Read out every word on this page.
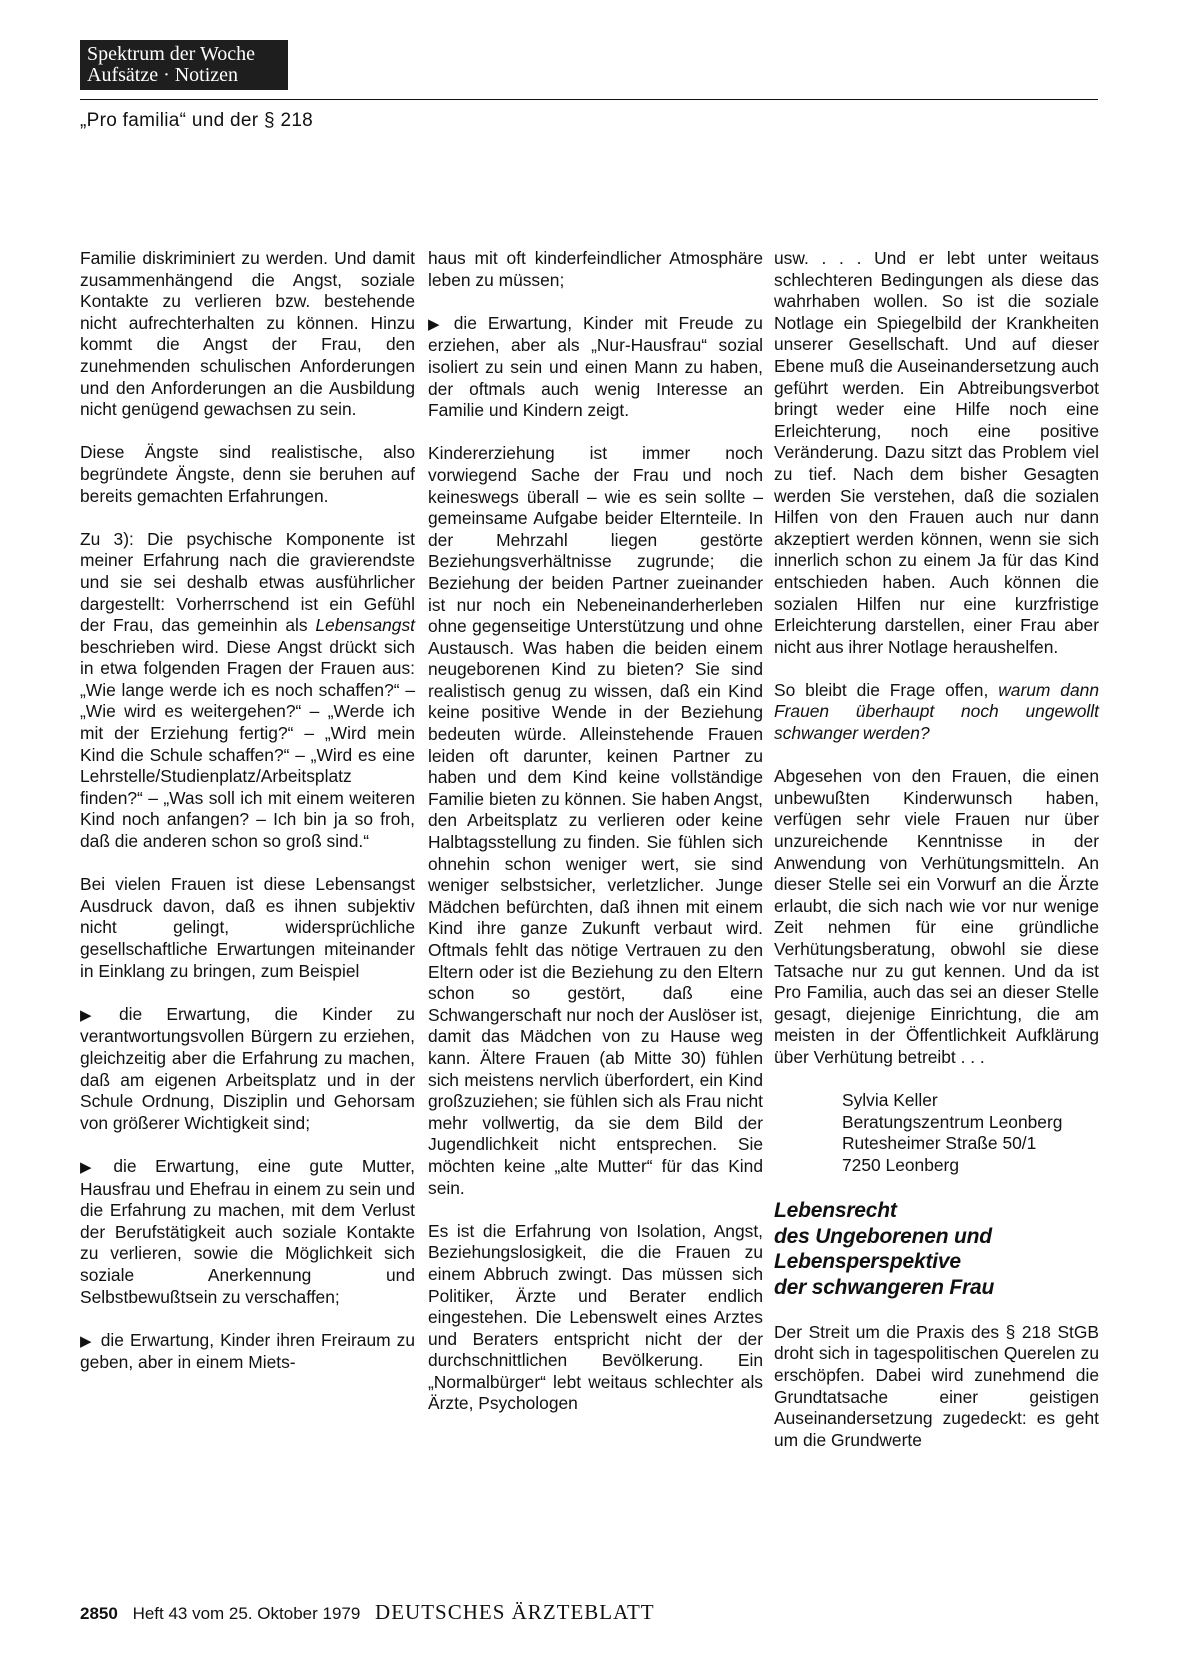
Spektrum der Woche
Aufsätze · Notizen
„Pro familia“ und der § 218

Familie diskriminiert zu werden. Und damit zusammenhängend die Angst, soziale Kontakte zu verlieren bzw. bestehende nicht aufrechterhalten zu können. Hinzu kommt die Angst der Frau, den zunehmenden schulischen Anforderungen und den Anforderungen an die Ausbildung nicht genügend gewachsen zu sein.

Diese Ängste sind realistische, also begründete Ängste, denn sie beruhen auf bereits gemachten Erfahrungen.

Zu 3): Die psychische Komponente ist meiner Erfahrung nach die gravierendste und sie sei deshalb etwas ausführlicher dargestellt: Vorherrschend ist ein Gefühl der Frau, das gemeinhin als Lebensangst beschrieben wird. Diese Angst drückt sich in etwa folgenden Fragen der Frauen aus: „Wie lange werde ich es noch schaffen?“ – „Wie wird es weitergehen?“ – „Werde ich mit der Erziehung fertig?“ – „Wird mein Kind die Schule schaffen?“ – „Wird es eine Lehrstelle/Studienplatz/Arbeitsplatz finden?“ – „Was soll ich mit einem weiteren Kind noch anfangen? – Ich bin ja so froh, daß die anderen schon so groß sind.“

Bei vielen Frauen ist diese Lebensangst Ausdruck davon, daß es ihnen subjektiv nicht gelingt, widersprüchliche gesellschaftliche Erwartungen miteinander in Einklang zu bringen, zum Beispiel

▶ die Erwartung, die Kinder zu verantwortungsvollen Bürgern zu erziehen, gleichzeitig aber die Erfahrung zu machen, daß am eigenen Arbeitsplatz und in der Schule Ordnung, Disziplin und Gehorsam von größerer Wichtigkeit sind;

▶ die Erwartung, eine gute Mutter, Hausfrau und Ehefrau in einem zu sein und die Erfahrung zu machen, mit dem Verlust der Berufstätigkeit auch soziale Kontakte zu verlieren, sowie die Möglichkeit sich soziale Anerkennung und Selbstbewußtsein zu verschaffen;

▶ die Erwartung, Kinder ihren Freiraum zu geben, aber in einem Miets-

haus mit oft kinderfeindlicher Atmosphäre leben zu müssen;

▶ die Erwartung, Kinder mit Freude zu erziehen, aber als „Nur-Hausfrau“ sozial isoliert zu sein und einen Mann zu haben, der oftmals auch wenig Interesse an Familie und Kindern zeigt.

Kindererziehung ist immer noch vorwiegend Sache der Frau und noch keineswegs überall – wie es sein sollte – gemeinsame Aufgabe beider Elternteile. In der Mehrzahl liegen gestörte Beziehungsverhältnisse zugrunde; die Beziehung der beiden Partner zueinander ist nur noch ein Nebeneinanderherleben ohne gegenseitige Unterstützung und ohne Austausch. Was haben die beiden einem neugeborenen Kind zu bieten? Sie sind realistisch genug zu wissen, daß ein Kind keine positive Wende in der Beziehung bedeuten würde. Alleinstehende Frauen leiden oft darunter, keinen Partner zu haben und dem Kind keine vollständige Familie bieten zu können. Sie haben Angst, den Arbeitsplatz zu verlieren oder keine Halbtagsstellung zu finden. Sie fühlen sich ohnehin schon weniger wert, sie sind weniger selbstsicher, verletzlicher. Junge Mädchen befürchten, daß ihnen mit einem Kind ihre ganze Zukunft verbaut wird. Oftmals fehlt das nötige Vertrauen zu den Eltern oder ist die Beziehung zu den Eltern schon so gestört, daß eine Schwangerschaft nur noch der Auslöser ist, damit das Mädchen von zu Hause weg kann. Ältere Frauen (ab Mitte 30) fühlen sich meistens nervlich überfordert, ein Kind großzuziehen; sie fühlen sich als Frau nicht mehr vollwertig, da sie dem Bild der Jugendlichkeit nicht entsprechen. Sie möchten keine „alte Mutter“ für das Kind sein.

Es ist die Erfahrung von Isolation, Angst, Beziehungslosigkeit, die die Frauen zu einem Abbruch zwingt. Das müssen sich Politiker, Ärzte und Berater endlich eingestehen. Die Lebenswelt eines Arztes und Beraters entspricht nicht der der durchschnittlichen Bevölkerung. Ein „Normalbürger“ lebt weitaus schlechter als Ärzte, Psychologen

usw. . . . Und er lebt unter weitaus schlechteren Bedingungen als diese das wahrhaben wollen. So ist die soziale Notlage ein Spiegelbild der Krankheiten unserer Gesellschaft. Und auf dieser Ebene muß die Auseinandersetzung auch geführt werden. Ein Abtreibungsverbot bringt weder eine Hilfe noch eine Erleichterung, noch eine positive Veränderung. Dazu sitzt das Problem viel zu tief. Nach dem bisher Gesagten werden Sie verstehen, daß die sozialen Hilfen von den Frauen auch nur dann akzeptiert werden können, wenn sie sich innerlich schon zu einem Ja für das Kind entschieden haben. Auch können die sozialen Hilfen nur eine kurzfristige Erleichterung darstellen, einer Frau aber nicht aus ihrer Notlage heraushelfen.

So bleibt die Frage offen, warum dann Frauen überhaupt noch ungewollt schwanger werden?

Abgesehen von den Frauen, die einen unbewußten Kinderwunsch haben, verfügen sehr viele Frauen nur über unzureichende Kenntnisse in der Anwendung von Verhütungsmitteln. An dieser Stelle sei ein Vorwurf an die Ärzte erlaubt, die sich nach wie vor nur wenige Zeit nehmen für eine gründliche Verhütungsberatung, obwohl sie diese Tatsache nur zu gut kennen. Und da ist Pro Familia, auch das sei an dieser Stelle gesagt, diejenige Einrichtung, die am meisten in der Öffentlichkeit Aufklärung über Verhütung betreibt . . .

Sylvia Keller
Beratungszentrum Leonberg
Rutesheimer Straße 50/1
7250 Leonberg

Lebensrecht
des Ungeborenen und
Lebensperspektive
der schwangeren Frau

Der Streit um die Praxis des § 218 StGB droht sich in tagespolitischen Querelen zu erschöpfen. Dabei wird zunehmend die Grundtatsache einer geistigen Auseinandersetzung zugedeckt: es geht um die Grundwerte

2850 Heft 43 vom 25. Oktober 1979 DEUTSCHES ÄRZTEBLATT
